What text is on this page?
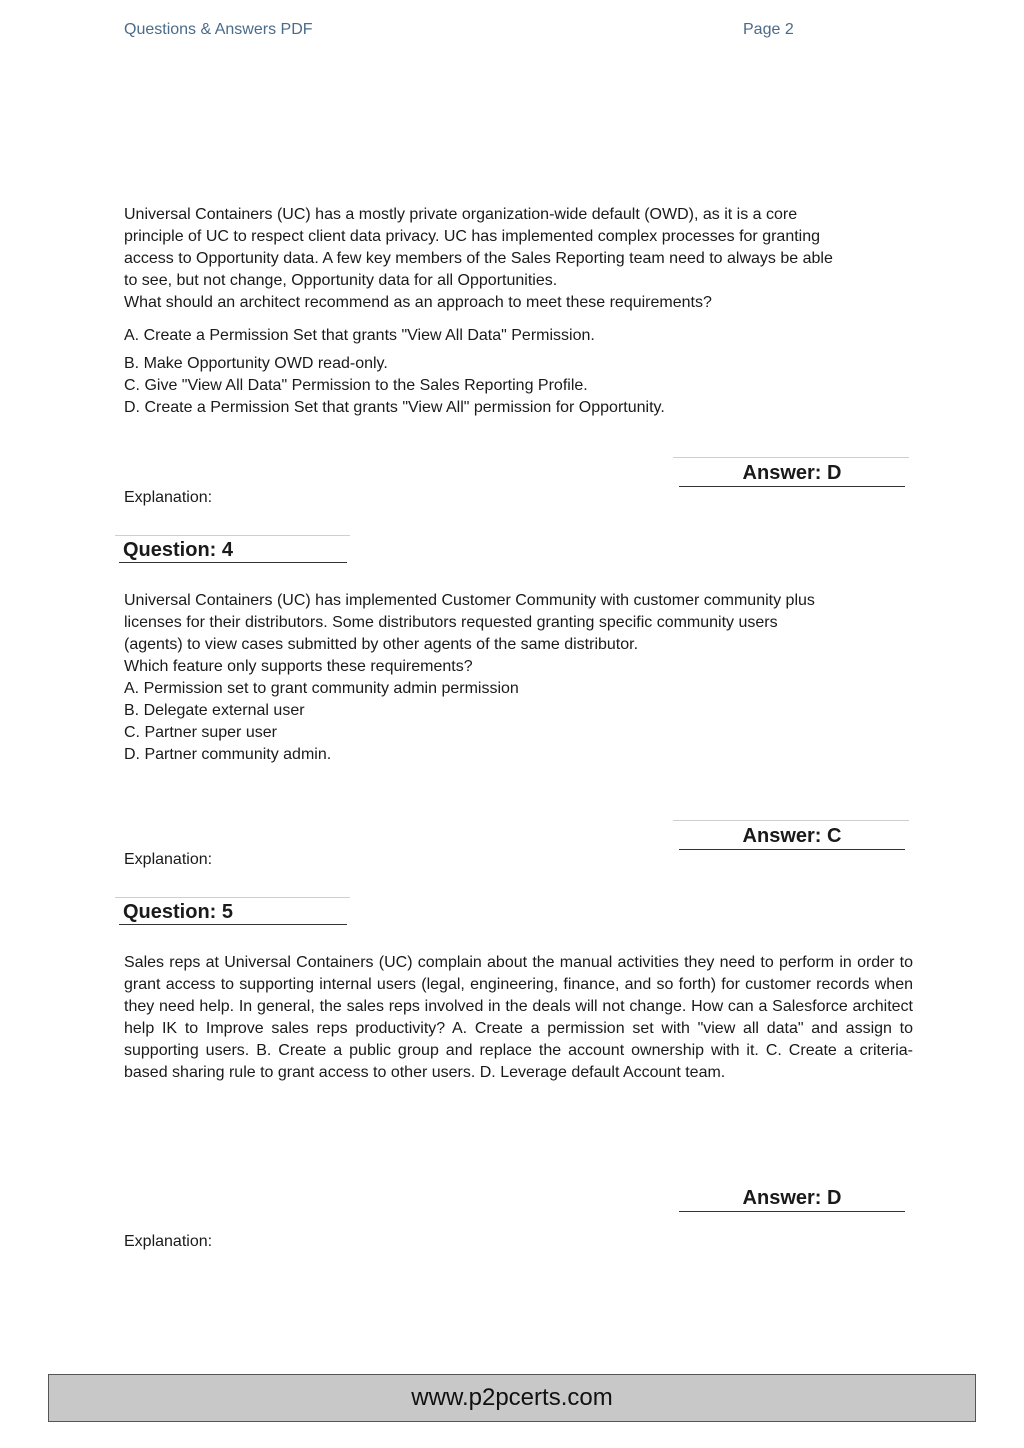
Questions & Answers PDF	Page 2
Universal Containers (UC) has a mostly private organization-wide default (OWD), as it is a core
principle of UC to respect client data privacy. UC has implemented complex processes for granting
access to Opportunity data. A few key members of the Sales Reporting team need to always be able
to see, but not change, Opportunity data for all Opportunities.
What should an architect recommend as an approach to meet these requirements?
A. Create a Permission Set that grants "View All Data" Permission.
B. Make Opportunity OWD read-only.
C. Give "View All Data" Permission to the Sales Reporting Profile.
D. Create a Permission Set that grants "View All" permission for Opportunity.
Answer: D
Explanation:
Question: 4
Universal Containers (UC) has implemented Customer Community with customer community plus
licenses for their distributors. Some distributors requested granting specific community users
(agents) to view cases submitted by other agents of the same distributor.
Which feature only supports these requirements?
A. Permission set to grant community admin permission
B. Delegate external user
C. Partner super user
D. Partner community admin.
Answer: C
Explanation:
Question: 5
Sales reps at Universal Containers (UC) complain about the manual activities they need to perform in order to grant access to supporting internal users (legal, engineering, finance, and so forth) for customer records when they need help. In general, the sales reps involved in the deals will not change. How can a Salesforce architect help IK to Improve sales reps productivity? A. Create a permission set with "view all data" and assign to supporting users. B. Create a public group and replace the account ownership with it. C. Create a criteria-based sharing rule to grant access to other users. D. Leverage default Account team.
Answer: D
Explanation:
www.p2pcerts.com
